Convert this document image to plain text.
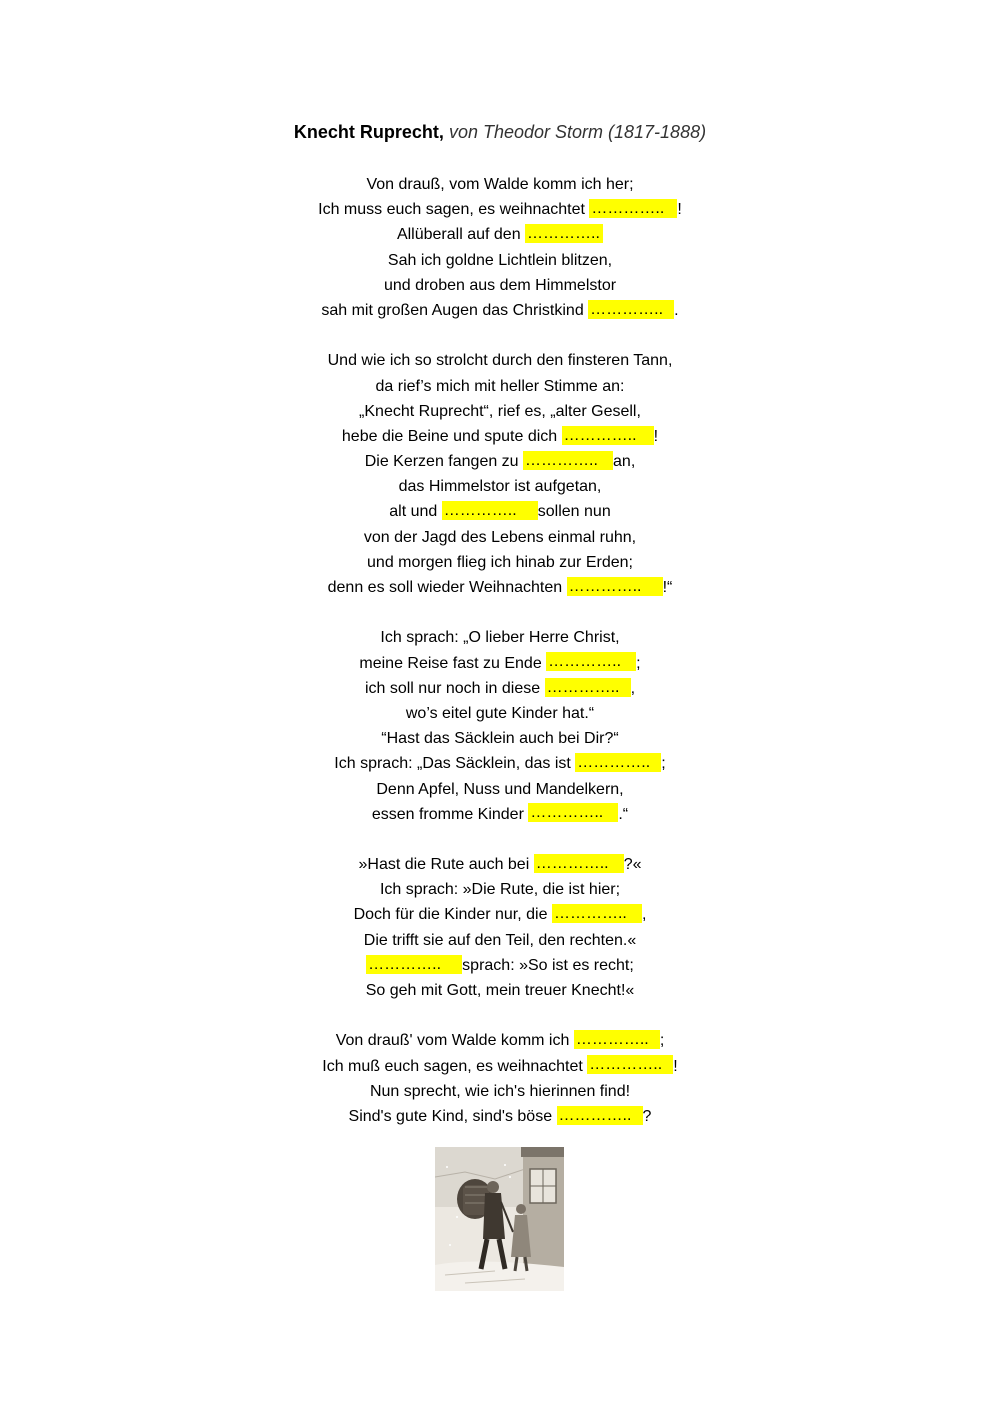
Knecht Ruprecht, von Theodor Storm (1817-1888)
Von drauß, vom Walde komm ich her;
Ich muss euch sagen, es weihnachtet ………….. !
Allüberall auf den …………..
Sah ich goldne Lichtlein blitzen,
und droben aus dem Himmelstor
sah mit großen Augen das Christkind ………….. .
Und wie ich so strolcht durch den finsteren Tann,
da rief’s mich mit heller Stimme an:
„Knecht Ruprecht“, rief es, „alter Gesell,
hebe die Beine und spute dich ………….. !
Die Kerzen fangen zu ………….. an,
das Himmelstor ist aufgetan,
alt und ………….. sollen nun
von der Jagd des Lebens einmal ruhn,
und morgen flieg ich hinab zur Erden;
denn es soll wieder Weihnachten ………….. !“
Ich sprach: „O lieber Herre Christ,
meine Reise fast zu Ende ………….. ;
ich soll nur noch in diese ………….. ,
wo’s eitel gute Kinder hat.“
“Hast das Säcklein auch bei Dir?“
Ich sprach: „Das Säcklein, das ist ………….. ;
Denn Apfel, Nuss und Mandelkern,
essen fromme Kinder ………….. .“
»Hast die Rute auch bei ………….. ?«
Ich sprach: »Die Rute, die ist hier;
Doch für die Kinder nur, die ………….. ,
Die trifft sie auf den Teil, den rechten.«
………….. sprach: »So ist es recht;
So geh mit Gott, mein treuer Knecht!«
Von drauß' vom Walde komm ich ………….. ;
Ich muß euch sagen, es weihnachtet ………….. !
Nun sprecht, wie ich's hierinnen find!
Sind's gute Kind, sind's böse ………….. ?
